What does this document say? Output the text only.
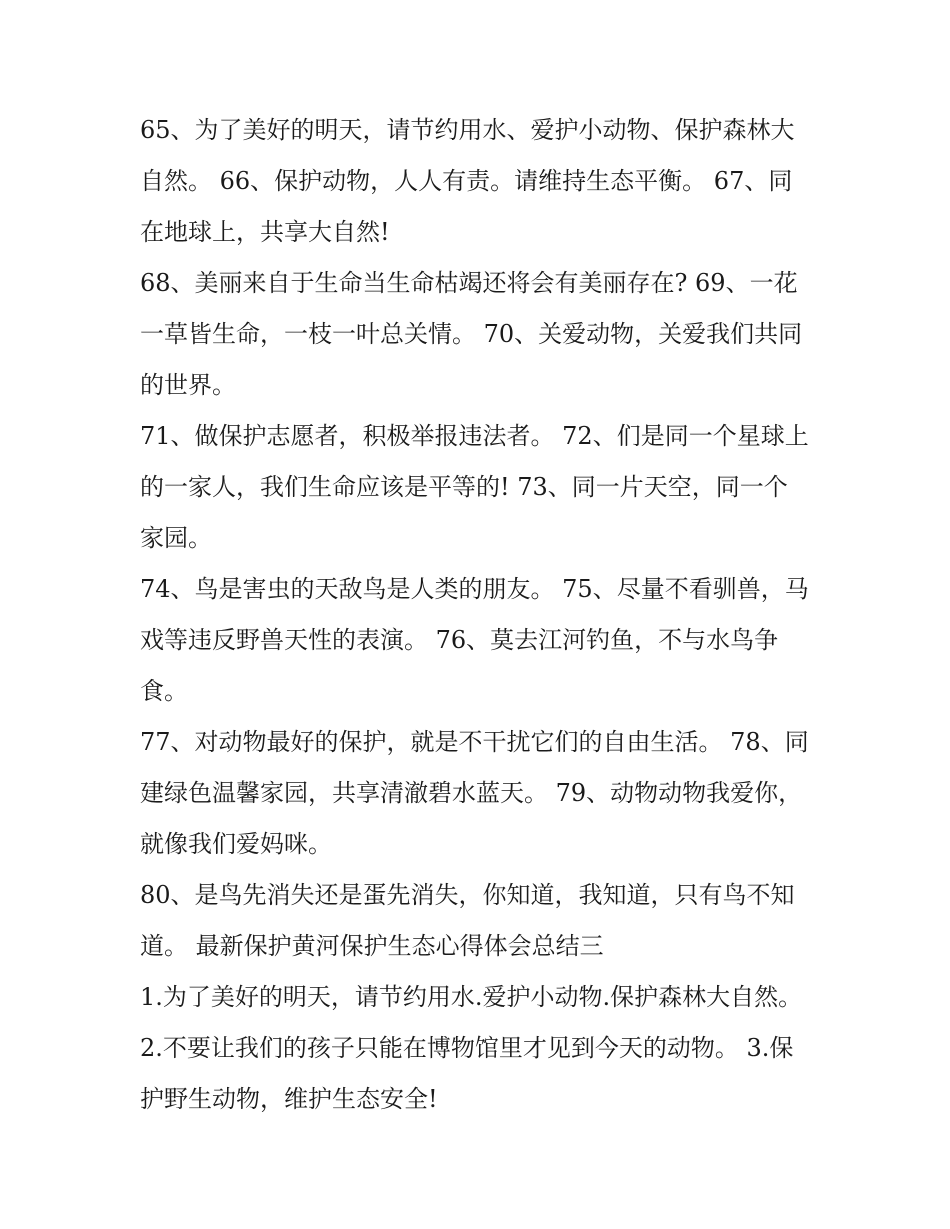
65、为了美好的明天，请节约用水、爱护小动物、保护森林大自然。 66、保护动物，人人有责。请维持生态平衡。 67、同在地球上，共享大自然!

68、美丽来自于生命当生命枯竭还将会有美丽存在? 69、一花一草皆生命，一枝一叶总关情。 70、关爱动物，关爱我们共同的世界。

71、做保护志愿者，积极举报违法者。 72、们是同一个星球上的一家人，我们生命应该是平等的! 73、同一片天空，同一个家园。

74、鸟是害虫的天敌鸟是人类的朋友。 75、尽量不看驯兽，马戏等违反野兽天性的表演。 76、莫去江河钓鱼，不与水鸟争食。

77、对动物最好的保护，就是不干扰它们的自由生活。 78、同建绿色温馨家园，共享清澈碧水蓝天。 79、动物动物我爱你，就像我们爱妈咪。

80、是鸟先消失还是蛋先消失，你知道，我知道，只有鸟不知道。 最新保护黄河保护生态心得体会总结三

1.为了美好的明天，请节约用水.爱护小动物.保护森林大自然。

2.不要让我们的孩子只能在博物馆里才见到今天的动物。 3.保护野生动物，维护生态安全!
